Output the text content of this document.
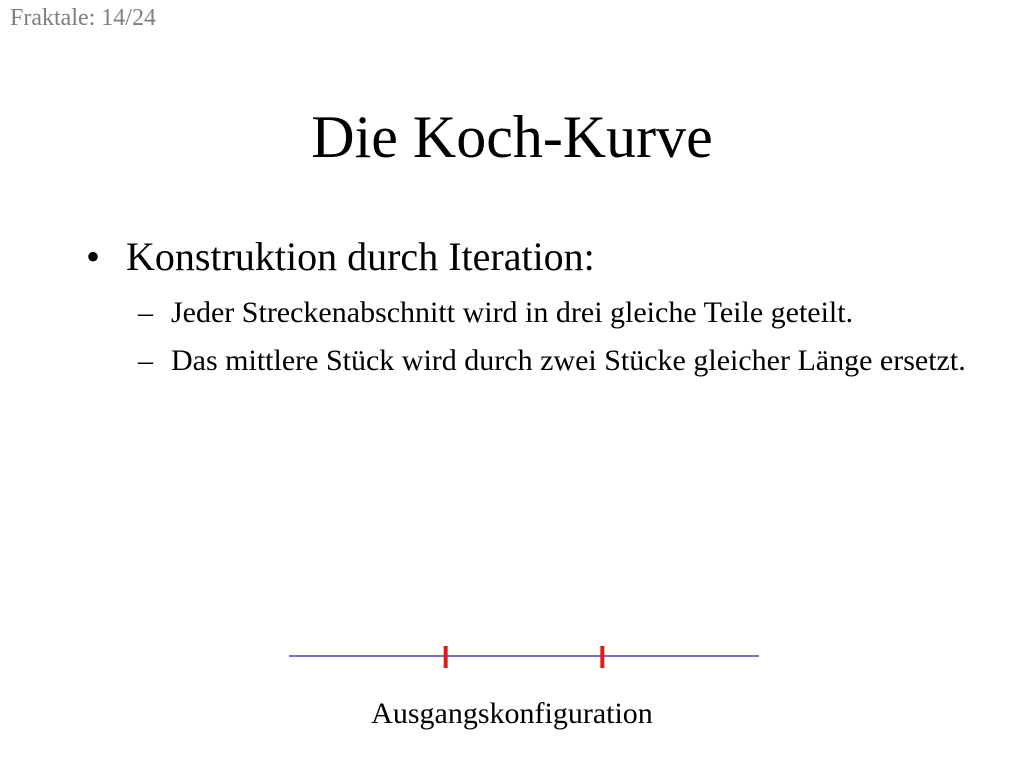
Fraktale: 14/24
Die Koch-Kurve
• Konstruktion durch Iteration:
– Jeder Streckenabschnitt wird in drei gleiche Teile geteilt.
– Das mittlere Stück wird durch zwei Stücke gleicher Länge ersetzt.
Ausgangskonfiguration
